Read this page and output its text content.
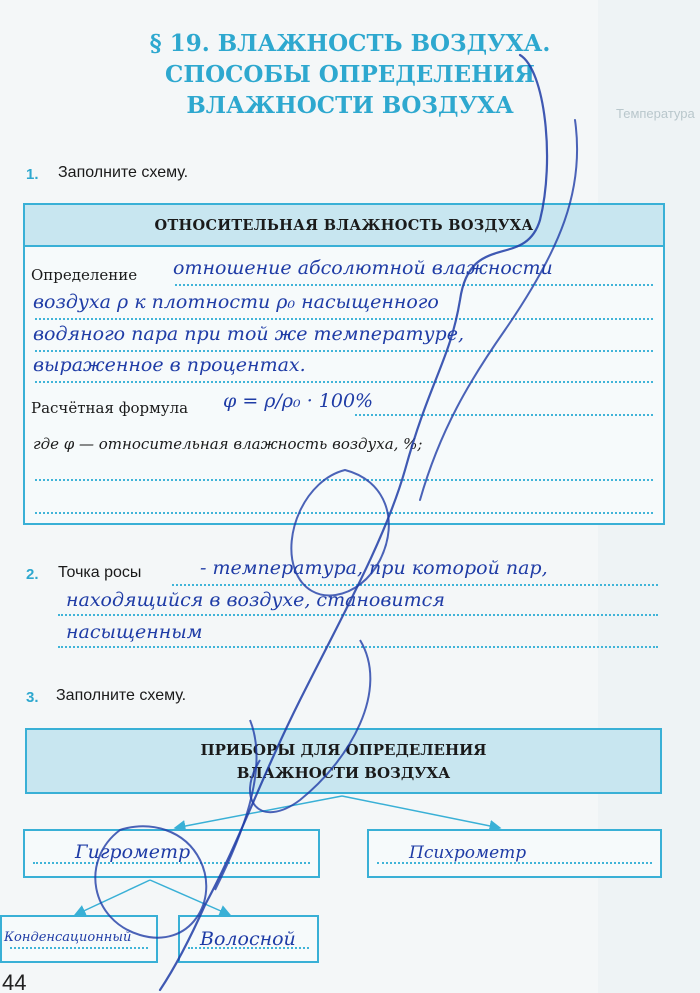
Температура
§ 19. ВЛАЖНОСТЬ ВОЗДУХА.
СПОСОБЫ ОПРЕДЕЛЕНИЯ
ВЛАЖНОСТИ ВОЗДУХА
1. Заполните схему.
ОТНОСИТЕЛЬНАЯ ВЛАЖНОСТЬ ВОЗДУХА
Определение отношение абсолютной влажности
воздуха ρ к плотности ρ₀ насыщенного
водяного пара при той же температуре,
выраженное в процентах.
Расчётная формула φ = ρ/ρ₀ · 100%
где φ — относительная влажность воздуха, %;
2. Точка росы	- температура, при которой пар,
находящийся в воздухе, становится
насыщенным
3. Заполните схему.
ПРИБОРЫ ДЛЯ ОПРЕДЕЛЕНИЯ
ВЛАЖНОСТИ ВОЗДУХА
Гигрометр	Психрометр
Конденсационный	Волосной
44
